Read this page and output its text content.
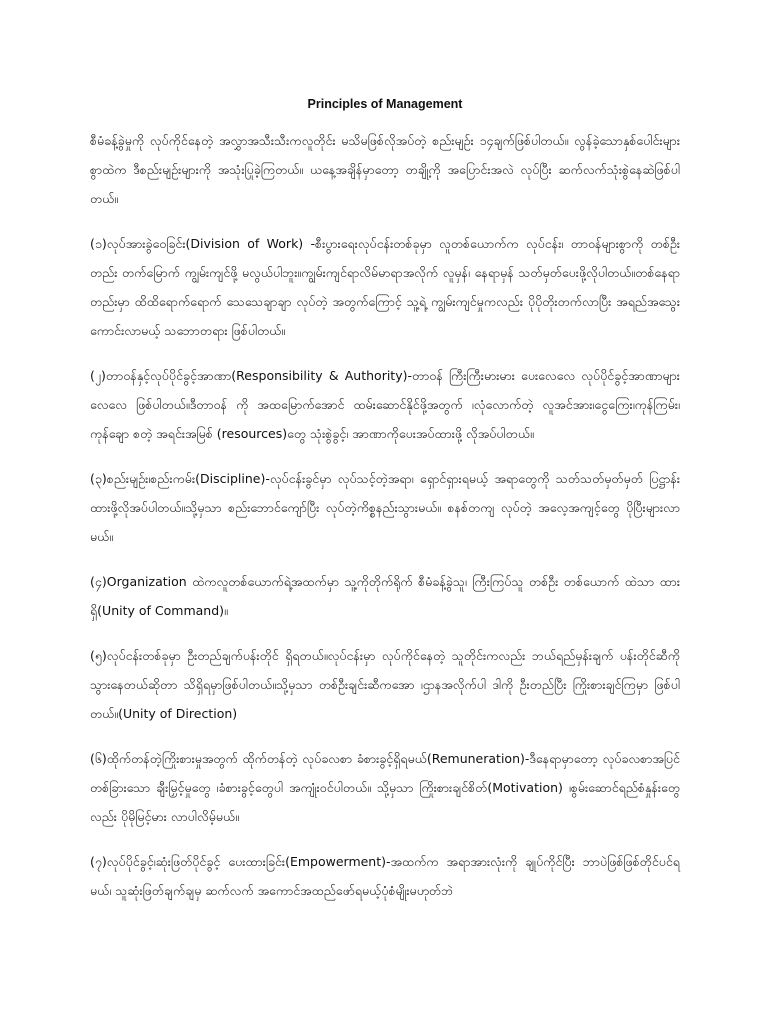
Principles of Management

စီမံခန့်ခွဲမှုကို လုပ်ကိုင်နေတဲ့ အလွှာအသီးသီးကလူတိုင်း မသိမဖြစ်လိုအပ်တဲ့ စည်းမျဉ်း ၁၄ချက်ဖြစ်ပါတယ်။ လွန်ခဲ့သောနှစ်ပေါင်းများစွာထဲက ဒီစည်းမျဉ်းများကို အသုံးပြုခဲ့ကြတယ်။ ယနေ့အချိန်မှာတော့ တချို့ကို အပြောင်းအလဲ လုပ်ပြီး ဆက်လက်သုံးစွဲနေဆဲဖြစ်ပါတယ်။

(၁)လုပ်အားခွဲဝေခြင်း(Division of Work) -စီးပွားရေးလုပ်ငန်းတစ်ခုမှာ လူတစ်ယောက်က လုပ်ငန်း၊ တာဝန်များစွာကို တစ်ဦးတည်း တက်မြောက် ကျွမ်းကျင်ဖို့ မလွယ်ပါဘူး။ကျွမ်းကျင်ရာလိမ်မာရာအလိုက် လူမှန်၊ နေရာမှန် သတ်မှတ်ပေးဖို့လိုပါတယ်။တစ်နေရာတည်းမှာ ထိထိရောက်ရောက် သေသေချာချာ လုပ်တဲ့ အတွက်ကြောင့် သူ့ရဲ့ ကျွမ်းကျင်မှုကလည်း ပိုပိုတိုးတက်လာပြီး အရည်အသွေးကောင်းလာမယ့် သဘောတရား ဖြစ်ပါတယ်။

(၂)တာဝန်နှင့်လုပ်ပိုင်ခွင့်အာဏာ(Responsibility & Authority)-တာဝန် ကြီးကြီးမားမား ပေးလေလေ လုပ်ပိုင်ခွင့်အာဏာများလေလေ ဖြစ်ပါတယ်။ဒီတာဝန် ကို အထမြောက်အောင် ထမ်းဆောင်နိုင်ဖို့အတွက် ၊လုံလောက်တဲ့ လူအင်အား၊ငွေကြေး၊ကုန်ကြမ်း၊ကုန်ချော စတဲ့ အရင်းအမြစ် (resources)တွေ သုံးစွဲခွင့်၊ အာဏာကိုပေးအပ်ထားဖို့ လိုအပ်ပါတယ်။

(၃)စည်းမျဉ်း၊စည်းကမ်း(Discipline)-လုပ်ငန်းခွင်မှာ လုပ်သင့်တဲ့အရာ၊ ရှောင်ရှားရမယ့် အရာတွေကို သတ်သတ်မှတ်မှတ် ပြဋ္ဌာန်းထားဖို့လိုအပ်ပါတယ်။သို့မှသာ စည်းဘောင်ကျော်ပြီး လုပ်တဲ့ကိစ္စနည်းသွားမယ်။ စနစ်တကျ လုပ်တဲ့ အလေ့အကျင့်တွေ ပိုပြီးများလာမယ်။

(၄)Organization ထဲကလူတစ်ယောက်ရဲ့အထက်မှာ သူ့ကိုတိုက်ရိုက် စီမံခန့်ခွဲသူ၊ ကြီးကြပ်သူ တစ်ဦး တစ်ယောက် ထဲသာ ထားရှိ(Unity of Command)။

(၅)လုပ်ငန်းတစ်ခုမှာ ဦးတည်ချက်ပန်းတိုင် ရှိရတယ်။လုပ်ငန်းမှာ လုပ်ကိုင်နေတဲ့ သူတိုင်းကလည်း ဘယ်ရည်မှန်းချက် ပန်းတိုင်ဆီကို သွားနေတယ်ဆိုတာ သိရှိရမှာဖြစ်ပါတယ်။သို့မှသာ တစ်ဦးချင်းဆီကအော ၊ဌာနအလိုက်ပါ ဒါကို ဦးတည်ပြီး ကြိုးစားချင်ကြမှာ ဖြစ်ပါတယ်။(Unity of Direction)

(၆)ထိုက်တန်တဲ့ကြိုးစားမှုအတွက် ထိုက်တန်တဲ့ လုပ်ခလစာ ခံစားခွင့်ရှိရမယ်(Remuneration)-ဒီနေရာမှာတော့ လုပ်ခလစာအပြင် တစ်ခြားသော ချီးမြှင့်မှုတွေ ၊ခံစားခွင့်တွေပါ အကျုံးဝင်ပါတယ်။ သို့မှသာ ကြိုးစားချင်စိတ်(Motivation) ၊စွမ်းဆောင်ရည်စံနှုန်းတွေလည်း ပိုမိုမြင့်မား လာပါလိမ့်မယ်။

(၇)လုပ်ပိုင်ခွင့်၊ဆုံးဖြတ်ပိုင်ခွင့် ပေးထားခြင်း(Empowerment)-အထက်က အရာအားလုံးကို ချုပ်ကိုင်ပြီး ဘာပဲဖြစ်ဖြစ်တိုင်ပင်ရမယ်၊ သူဆုံးဖြတ်ချက်ချမှ ဆက်လက် အကောင်အထည်ဖော်ရမယ့်ပုံစံမျိုးမဟုတ်ဘဲ
